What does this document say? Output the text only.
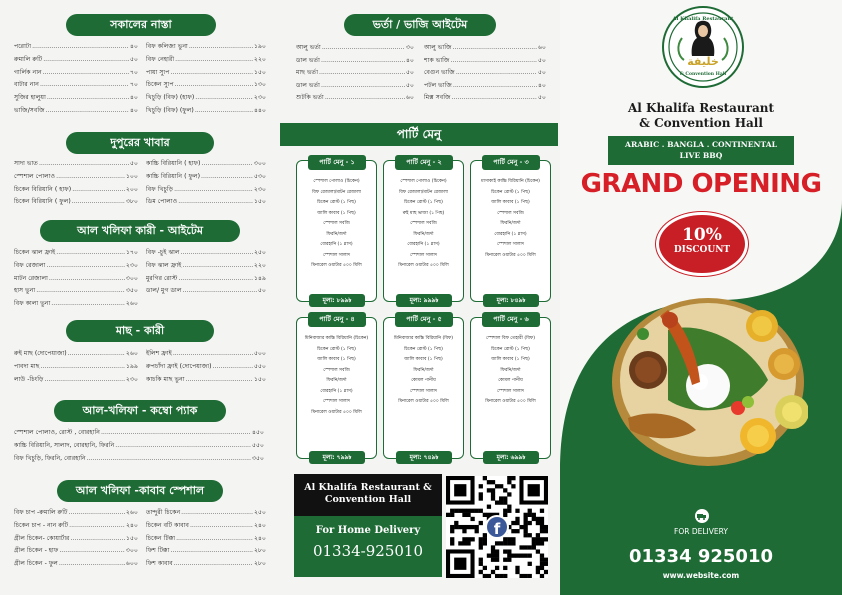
সকালের নাস্তা
পরোটা .....	৪০ বিফ কলিজা ভুনা .....	১৯০
রুমালি রুটি .....	৫০ বিফ নেহারী .....	২২০
গার্লিক নান .....	৭০ পায়া স্যুপ .....	১৫০
বাটার নান .....	৭০ চিকেন স্যুপ .....	১৩০
সুজির হালুয়া .....	৪০ খিচুড়ি (বিফ) (হাফ) .....	২৩০
ভাজি/সবজি .....	৪০ খিচুড়ি (বিফ) (ফুল) .....	৪৪০
দুপুরের খাবার
সাদা ভাত .....	৫০ কাচ্চি বিরিয়ানি ( হাফ) .....	৩০০
স্পেশাল পোলাও .....	১০০ কাচ্চি বিরিয়ানি ( ফুল) .....	৫৩০
চিকেন বিরিয়ানি ( হাফ) .....	২০০ বিফ খিচুড়ি .....	২৩০
চিকেন বিরিয়ানি ( ফুল) .....	৩৮০ ডিম পোলাও .....	১৫০
আল খলিফা কারী - আইটেম
চিকেন ঝাল ফ্রাই .....	১৭০ বিফ -চুই ঝাল .....	২৫০
বিফ রেজালা .....	২৩০ বিফ ঝাল ফ্রাই .....	২২০
মাটন রেজালা .....	৩০০ মুরগির রোস্ট .....	১৪৯
হাস ভুনা .....	৩৫০ ডাল/ মুগ ডাল .....	৫০
বিফ কালা ভুনা .....	২৬০
মাছ - কারী
রুই মাছ (দোপেয়াজা) .....	২৬০ ইলিশ ফ্রাই .....	৫০০
পাবদা মাছ .....	১৯৯ রুপচাঁদা ফ্রাই (দোপেয়াজা) .....	৫৫০
লাউ -চিংড়ি .....	২৩০ কাচকি মাছ ভুনা .....	১৫০
আল-খলিফা - কম্বো প্যাক
স্পেশাল পোলাও, রোস্ট , বোরহানি .....	৪৫০
কাচ্চি বিরিয়ানি, সালাদ, বোরহানি, ফিরনি .....	৫৫০
বিফ খিচুড়ি, ফিরনি, বোরহানি .....	৩৫০
আল খলিফা -কাবাব স্পেশাল
বিফ চাপ -রুমালি রুটি .....	২৬০ তান্দুরী চিকেন .....	২৫০
চিকেন চাপ - নান রুটি .....	২৪০ চিকেন বটি কাবাব .....	২৪০
গ্রীল চিকেন- কোয়ার্টার .....	১৫০ চিকেন টিক্কা .....	২৪০
গ্রীল চিকেন - হাফ .....	৩০০ ফিশ টিক্কা .....	২৮০
গ্রীল চিকেন - ফুল .....	৬০০ ফিশ কাবাব .....	২৮০
ভর্তা / ভাজি আইটেম
আলু ভর্তা .....	৩০ আলু ভাজি .....	৬০
ডাল ভর্তা .....	৪০ শাক ভাজি .....	৫০
মাছ ভর্তা .....	৫০ বেগুন ভাজি .....	৫০
ডাল ভর্তা .....	৫০ পটল ভাজি .....	৪০
শুটকি ভর্তা .....	৬০ মিক্স সবজি .....	৫০
পার্টি মেনু
পার্টি মেনু - ১
স্পেশাল পোলাও (চিকেন)
বিফ রেজালা/মাটন রেজালা
চিকেন রোস্ট (১ পিছ)
জালি কাবাব (১ পিছ)
স্পেশাল সবজি
ফিরনি/জর্দা
বোরহানি (১ গ্লাস)
স্পেশাল সালাদ
মিনারেল ওয়াটার ৫০০ মিলি
মূল্য: ৮৯৯৳
পার্টি মেনু - ২
স্পেশাল পোলাও (চিকেন)
বিফ রেজালা/মাটন রেজালা
চিকেন রোস্ট (১ পিছ)
রুই মাছ ভাজা (১ পিছ)
স্পেশাল সবজি
ফিরনি/জর্দা
বোরহানি (১ গ্লাস)
স্পেশাল সালাদ
মিনারেল ওয়াটার ৫০০ মিলি
মূল্য: ৯৯৯৳
পার্টি মেনু - ৩
মাসাকাই কাচ্চি বিরিয়ানি (চিকেন)
চিকেন রোস্ট (১ পিছ)
জালি কাবাব (১ পিছ)
স্পেশাল সবজি
ফিরনি/জর্দা
বোরহানি (১ গ্লাস)
স্পেশাল সালাদ
মিনারেল ওয়াটার ৫০০ মিলি
মূল্য: ৮৪৯৳
পার্টি মেনু - ৪
মিনিবাজার কাচ্চি বিরিয়ানি (চিকেন)
চিকেন রোস্ট (১ পিছ)
জালি কাবাব (১ পিছ)
স্পেশাল সবজি
ফিরনি/জর্দা
বোরহানি (১ গ্লাস)
স্পেশাল সালাদ
মিনারেল ওয়াটার ৫০০ মিলি
মূল্য: ৭৯৯৳
পার্টি মেনু - ৫
মিনিবাজার কাচ্চি বিরিয়ানি (বিফ)
চিকেন রোস্ট (১ পিছ)
জালি কাবাব (১ পিছ)
ফিরনি/জর্দা
কোমল পানীয়
স্পেশাল সালাদ
মিনারেল ওয়াটার ৫০০ মিলি
মূল্য: ৭৪৯৳
পার্টি মেনু - ৬
স্পেশাল বিফ তেহারী (বিফ)
চিকেন রোস্ট (১ পিছ)
জালি কাবাব (১ পিছ)
ফিরনি/জর্দা
কোমল পানীয়
স্পেশাল সালাদ
মিনারেল ওয়াটার ৫০০ মিলি
মূল্য: ৬৯৯৳
Al Khalifa Restaurant & Convention Hall
For Home Delivery
01334-925010
f
Al Khalifa Restaurant
خليفة
& Convention Hall
Al Khalifa Restaurant
& Convention Hall
ARABIC . BANGLA . CONTINENTAL
LIVE BBQ
GRAND OPENING
10%
DISCOUNT
FOR DELIVERY
01334 925010
www.website.com
